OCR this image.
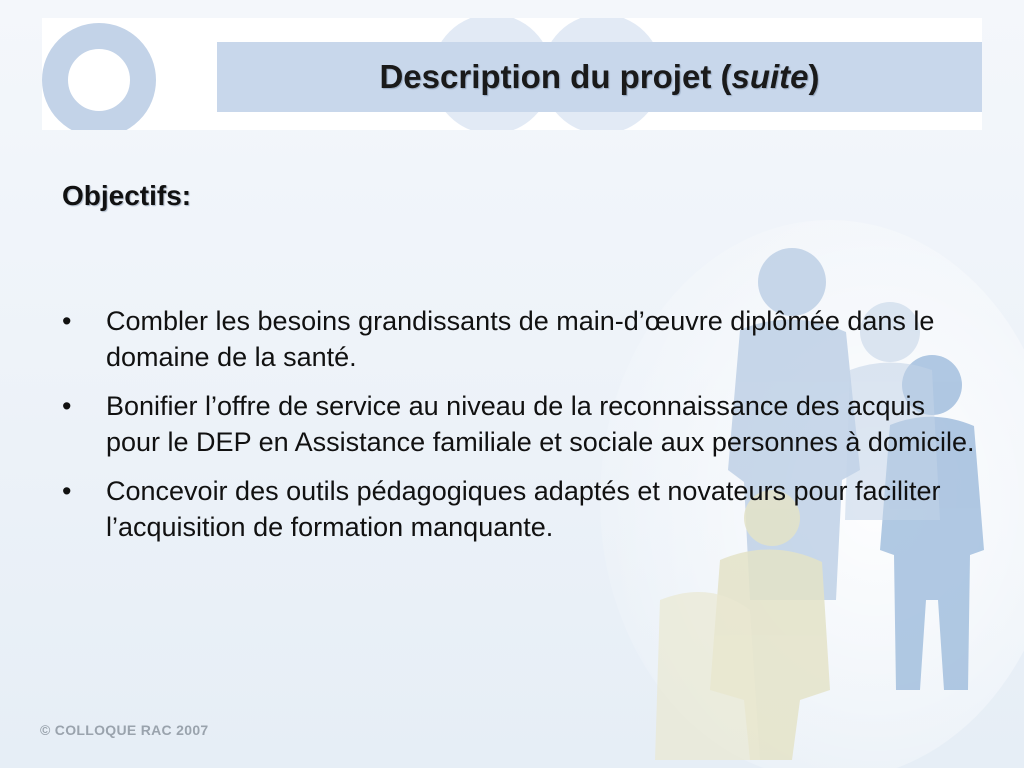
Description du projet ( suite )
Objectifs:
•	Combler les besoins grandissants de main-d’œuvre diplômée dans le domaine de la santé.
•	Bonifier l’offre de service au niveau de la reconnaissance des acquis pour le DEP en Assistance familiale et sociale aux personnes à domicile.
•	Concevoir des outils pédagogiques adaptés et novateurs pour faciliter l’acquisition de formation manquante.
© COLLOQUE RAC 2007
